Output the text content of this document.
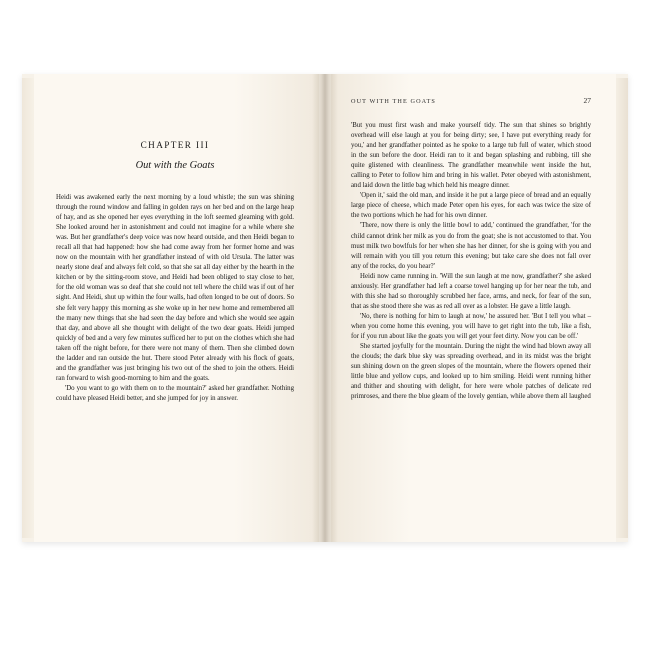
CHAPTER III
Out with the Goats

Heidi was awakened early the next morning by a loud whistle; the sun was shining through the round window and falling in golden rays on her bed and on the large heap of hay, and as she opened her eyes everything in the loft seemed gleaming with gold. She looked around her in astonishment and could not imagine for a while where she was. But her grandfather's deep voice was now heard outside, and then Heidi began to recall all that had happened: how she had come away from her former home and was now on the mountain with her grandfather instead of with old Ursula. The latter was nearly stone deaf and always felt cold, so that she sat all day either by the hearth in the kitchen or by the sitting-room stove, and Heidi had been obliged to stay close to her, for the old woman was so deaf that she could not tell where the child was if out of her sight. And Heidi, shut up within the four walls, had often longed to be out of doors. So she felt very happy this morning as she woke up in her new home and remembered all the many new things that she had seen the day before and which she would see again that day, and above all she thought with delight of the two dear goats. Heidi jumped quickly of bed and a very few minutes sufficed her to put on the clothes which she had taken off the night before, for there were not many of them. Then she climbed down the ladder and ran outside the hut. There stood Peter already with his flock of goats, and the grandfather was just bringing his two out of the shed to join the others. Heidi ran forward to wish good-morning to him and the goats.

'Do you want to go with them on to the mountain?' asked her grandfather. Nothing could have pleased Heidi better, and she jumped for joy in answer.

OUT WITH THE GOATS	27

'But you must first wash and make yourself tidy. The sun that shines so brightly overhead will else laugh at you for being dirty; see, I have put everything ready for you,' and her grandfather pointed as he spoke to a large tub full of water, which stood in the sun before the door. Heidi ran to it and began splashing and rubbing, till she quite glistened with cleanliness. The grandfather meanwhile went inside the hut, calling to Peter to follow him and bring in his wallet. Peter obeyed with astonishment, and laid down the little bag which held his meagre dinner.

'Open it,' said the old man, and inside it he put a large piece of bread and an equally large piece of cheese, which made Peter open his eyes, for each was twice the size of the two portions which he had for his own dinner.

'There, now there is only the little bowl to add,' continued the grandfather, 'for the child cannot drink her milk as you do from the goat; she is not accustomed to that. You must milk two bowlfuls for her when she has her dinner, for she is going with you and will remain with you till you return this evening; but take care she does not fall over any of the rocks, do you hear?'

Heidi now came running in. 'Will the sun laugh at me now, grandfather?' she asked anxiously. Her grandfather had left a coarse towel hanging up for her near the tub, and with this she had so thoroughly scrubbed her face, arms, and neck, for fear of the sun, that as she stood there she was as red all over as a lobster. He gave a little laugh.

'No, there is nothing for him to laugh at now,' he assured her. 'But I tell you what – when you come home this evening, you will have to get right into the tub, like a fish, for if you run about like the goats you will get your feet dirty. Now you can be off.'

She started joyfully for the mountain. During the night the wind had blown away all the clouds; the dark blue sky was spreading overhead, and in its midst was the bright sun shining down on the green slopes of the mountain, where the flowers opened their little blue and yellow cups, and looked up to him smiling. Heidi went running hither and thither and shouting with delight, for here were whole patches of delicate red primroses, and there the blue gleam of the lovely gentian, while above them all laughed
